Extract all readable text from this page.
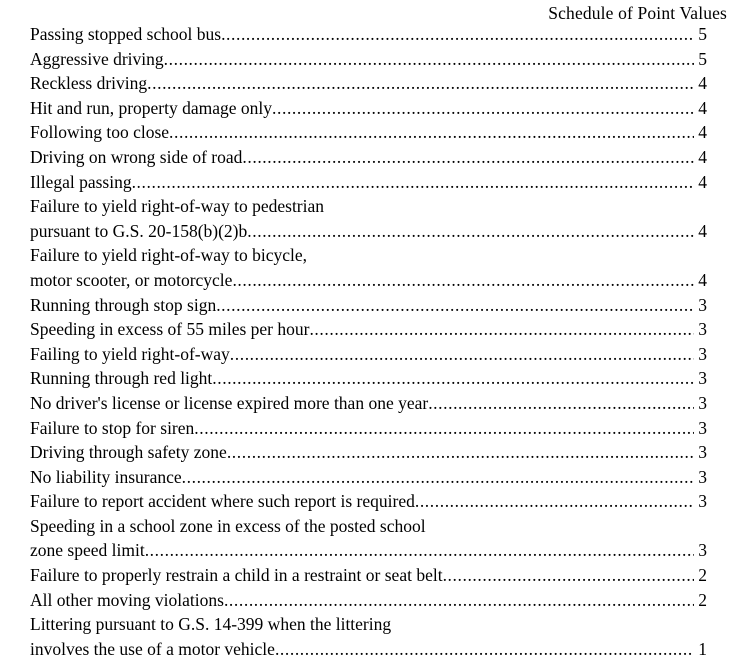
Schedule of Point Values
Passing stopped school bus .....	5
Aggressive driving .....	5
Reckless driving .....	4
Hit and run, property damage only .....	4
Following too close .....	4
Driving on wrong side of road .....	4
Illegal passing .....	4
Failure to yield right-of-way to pedestrian
pursuant to G.S. 20-158(b)(2)b .....	4
Failure to yield right-of-way to bicycle,
motor scooter, or motorcycle .....	4
Running through stop sign .....	3
Speeding in excess of 55 miles per hour .....	3
Failing to yield right-of-way .....	3
Running through red light .....	3
No driver's license or license expired more than one year .....	3
Failure to stop for siren .....	3
Driving through safety zone .....	3
No liability insurance .....	3
Failure to report accident where such report is required .....	3
Speeding in a school zone in excess of the posted school
zone speed limit .....	3
Failure to properly restrain a child in a restraint or seat belt .....	2
All other moving violations .....	2
Littering pursuant to G.S. 14-399 when the littering
involves the use of a motor vehicle .....	1
